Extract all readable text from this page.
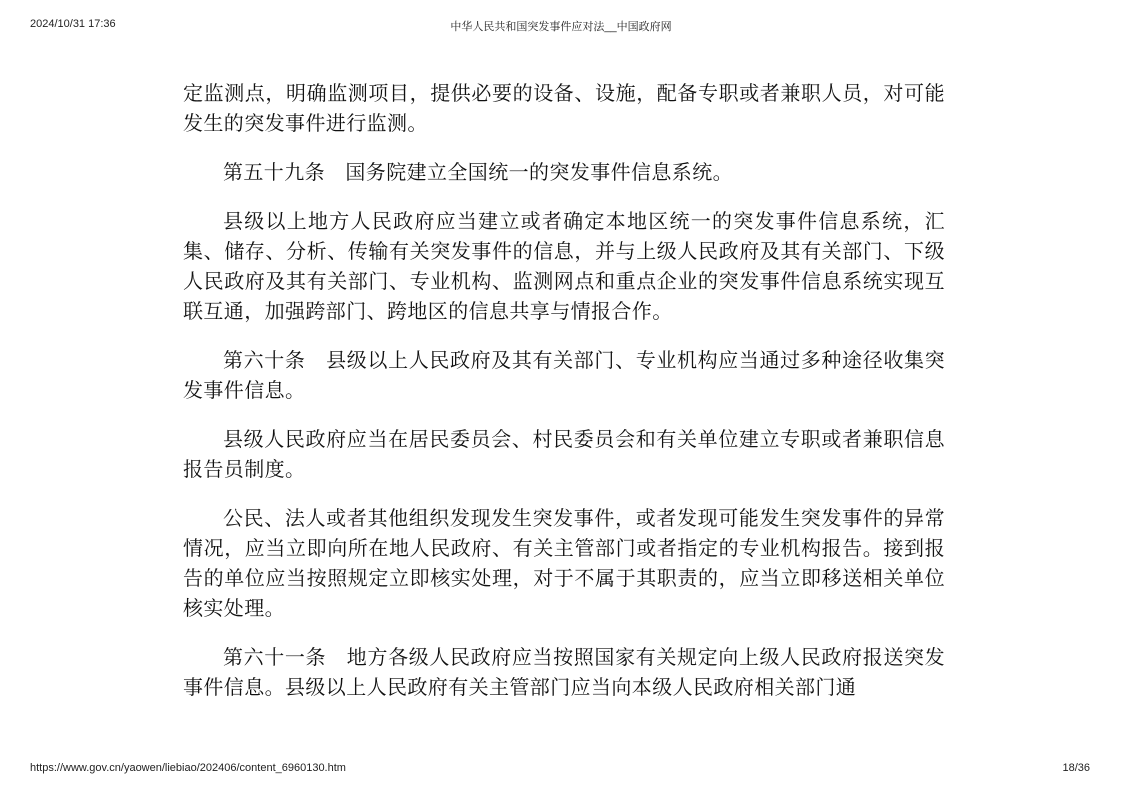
2024/10/31 17:36	中华人民共和国突发事件应对法__中国政府网

定监测点，明确监测项目，提供必要的设备、设施，配备专职或者兼职人员，对可能发生的突发事件进行监测。

第五十九条　国务院建立全国统一的突发事件信息系统。

县级以上地方人民政府应当建立或者确定本地区统一的突发事件信息系统，汇集、储存、分析、传输有关突发事件的信息，并与上级人民政府及其有关部门、下级人民政府及其有关部门、专业机构、监测网点和重点企业的突发事件信息系统实现互联互通，加强跨部门、跨地区的信息共享与情报合作。

第六十条　县级以上人民政府及其有关部门、专业机构应当通过多种途径收集突发事件信息。

县级人民政府应当在居民委员会、村民委员会和有关单位建立专职或者兼职信息报告员制度。

公民、法人或者其他组织发现发生突发事件，或者发现可能发生突发事件的异常情况，应当立即向所在地人民政府、有关主管部门或者指定的专业机构报告。接到报告的单位应当按照规定立即核实处理，对于不属于其职责的，应当立即移送相关单位核实处理。

第六十一条　地方各级人民政府应当按照国家有关规定向上级人民政府报送突发事件信息。县级以上人民政府有关主管部门应当向本级人民政府相关部门通

https://www.gov.cn/yaowen/liebiao/202406/content_6960130.htm	18/36
